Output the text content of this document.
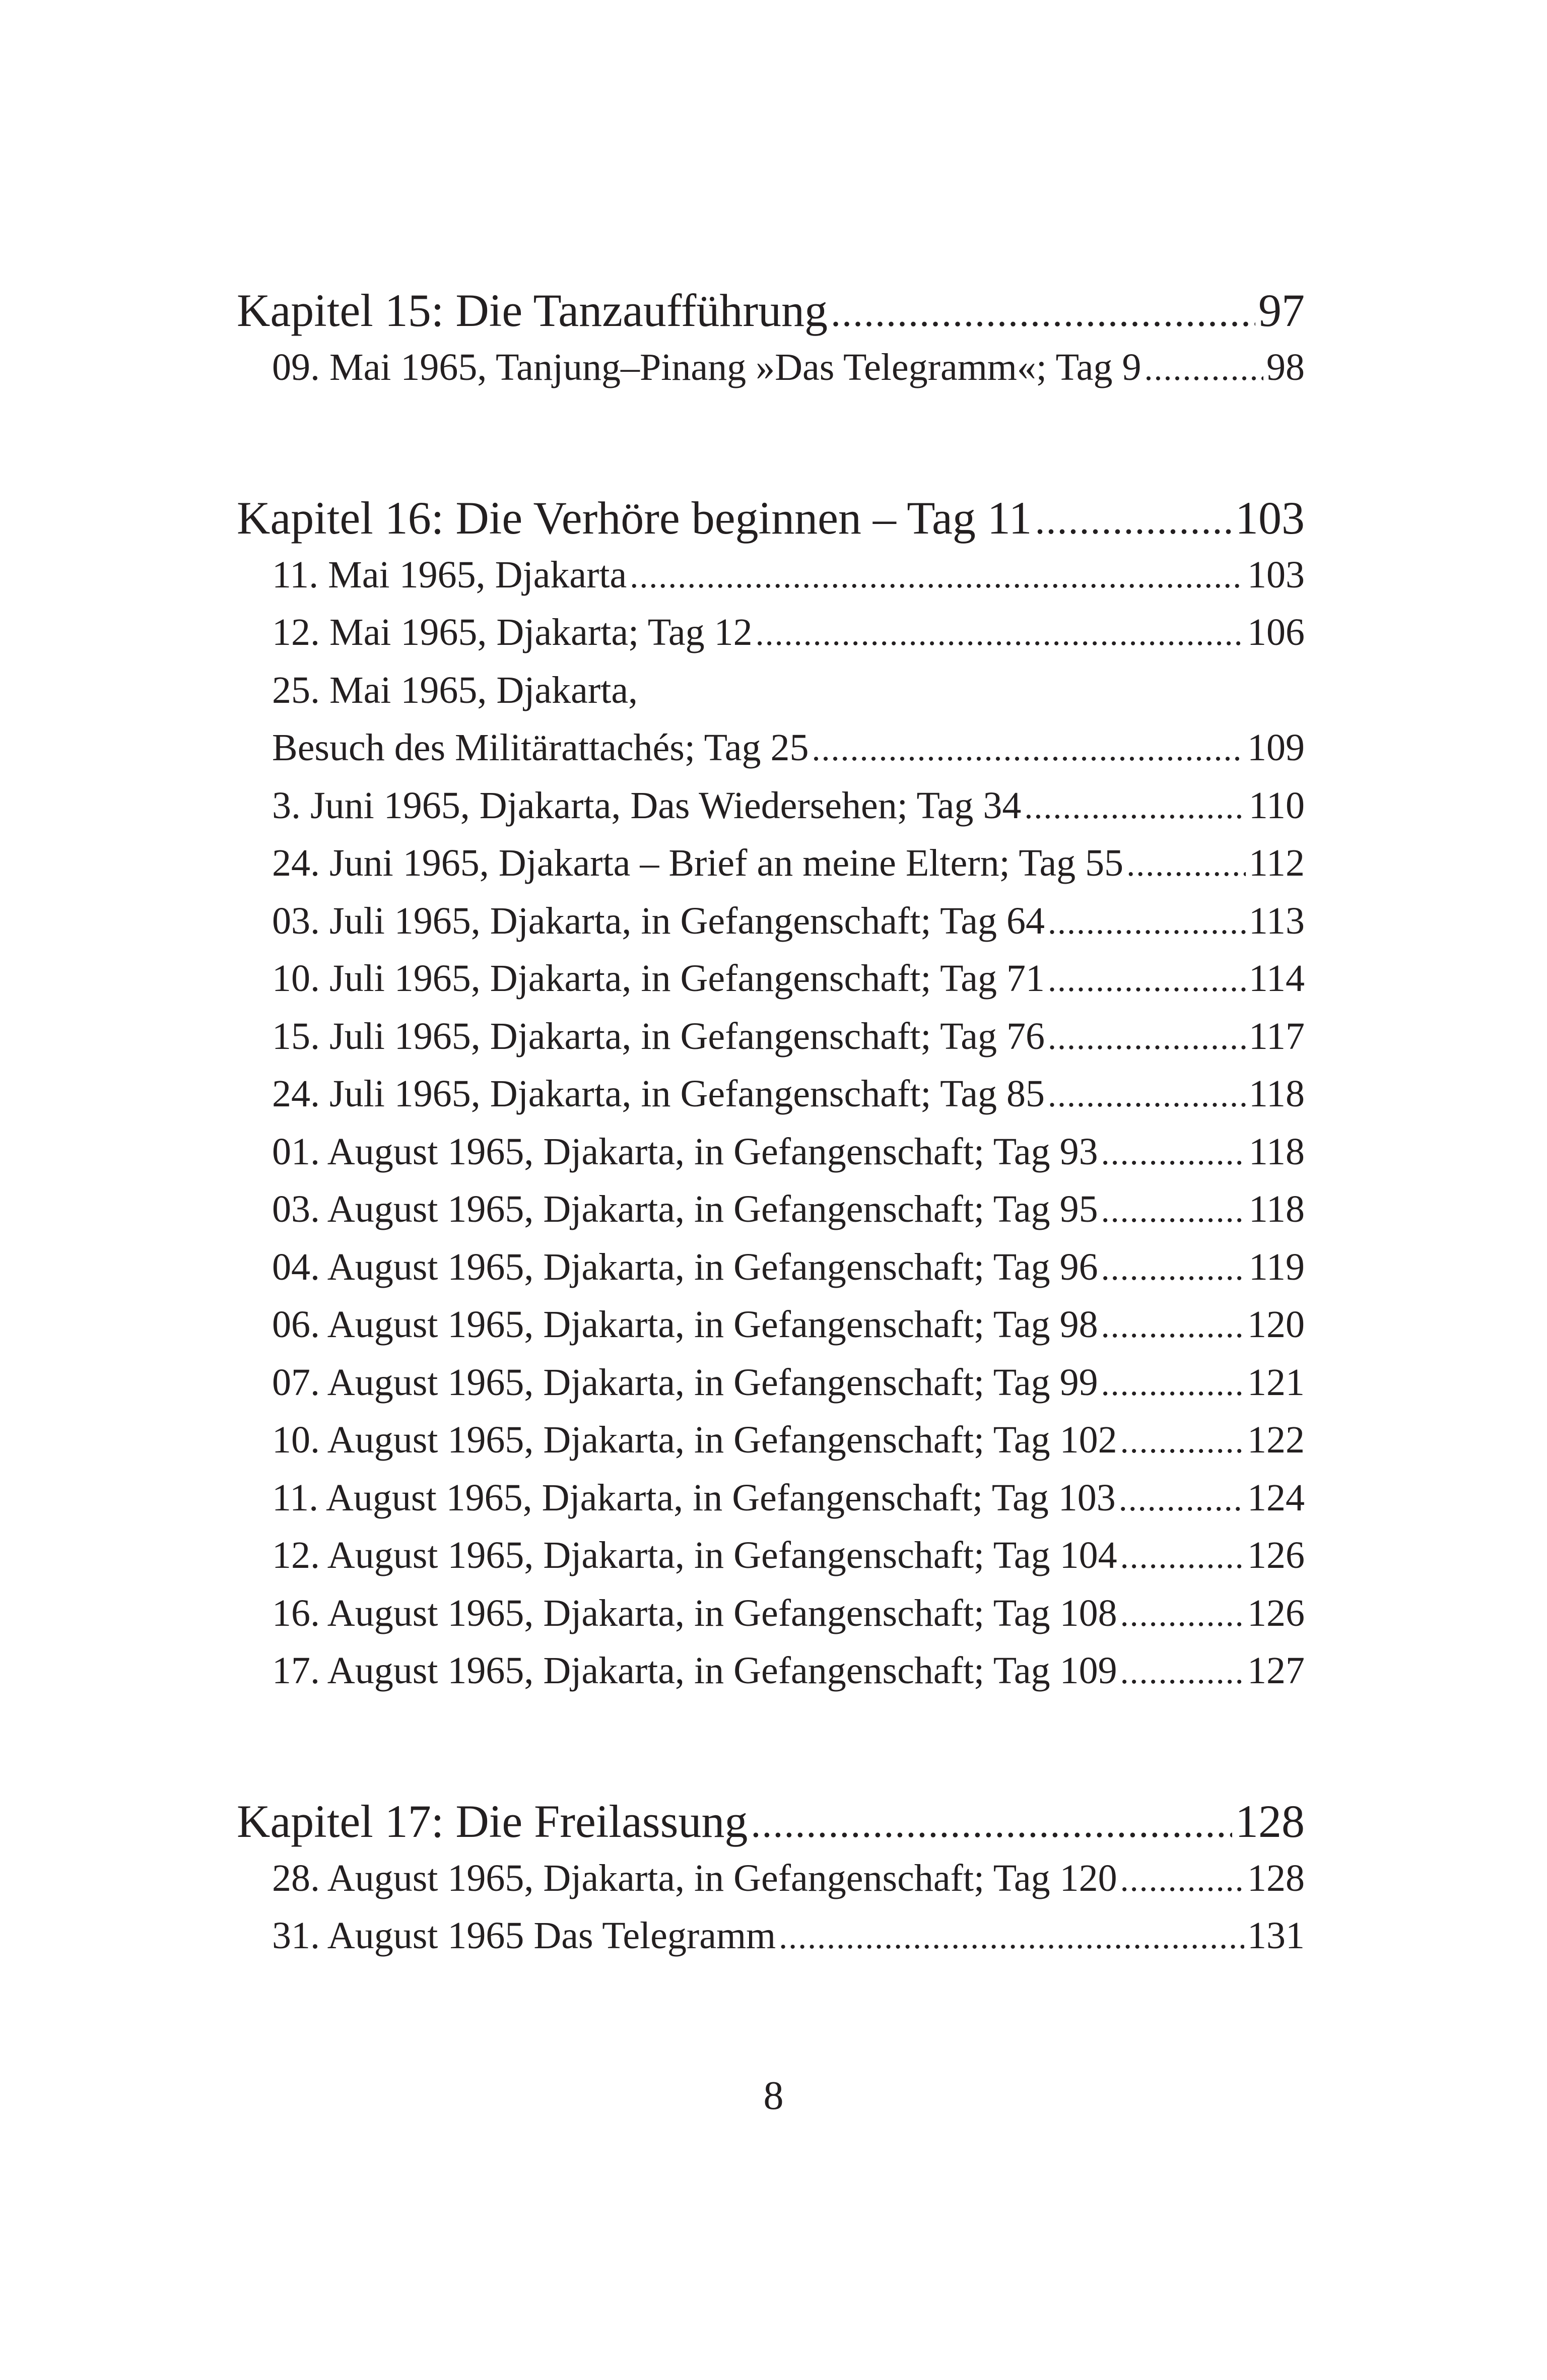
Kapitel 15: Die Tanzaufführung .....	97
09. Mai 1965, Tanjung–Pinang »Das Telegramm«; Tag 9 .....	98
Kapitel 16: Die Verhöre beginnen – Tag 11 .....	103
11. Mai 1965, Djakarta .....	103
12. Mai 1965, Djakarta; Tag 12 .....	106
25. Mai 1965, Djakarta,
Besuch des Militärattachés; Tag 25 .....	109
3. Juni 1965, Djakarta, Das Wiedersehen; Tag 34 .....	110
24. Juni 1965, Djakarta – Brief an meine Eltern; Tag 55 .....	112
03. Juli 1965, Djakarta, in Gefangenschaft; Tag 64 .....	113
10. Juli 1965, Djakarta, in Gefangenschaft; Tag 71 .....	114
15. Juli 1965, Djakarta, in Gefangenschaft; Tag 76 .....	117
24. Juli 1965, Djakarta, in Gefangenschaft; Tag 85 .....	118
01. August 1965, Djakarta, in Gefangenschaft; Tag 93 .....	118
03. August 1965, Djakarta, in Gefangenschaft; Tag 95 .....	118
04. August 1965, Djakarta, in Gefangenschaft; Tag 96 .....	119
06. August 1965, Djakarta, in Gefangenschaft; Tag 98 .....	120
07. August 1965, Djakarta, in Gefangenschaft; Tag 99 .....	121
10. August 1965, Djakarta, in Gefangenschaft; Tag 102 .....	122
11. August 1965, Djakarta, in Gefangenschaft; Tag 103 .....	124
12. August 1965, Djakarta, in Gefangenschaft; Tag 104 .....	126
16. August 1965, Djakarta, in Gefangenschaft; Tag 108 .....	126
17. August 1965, Djakarta, in Gefangenschaft; Tag 109 .....	127
Kapitel 17: Die Freilassung .....	128
28. August 1965, Djakarta, in Gefangenschaft; Tag 120 .....	128
31. August 1965 Das Telegramm .....	131
8
